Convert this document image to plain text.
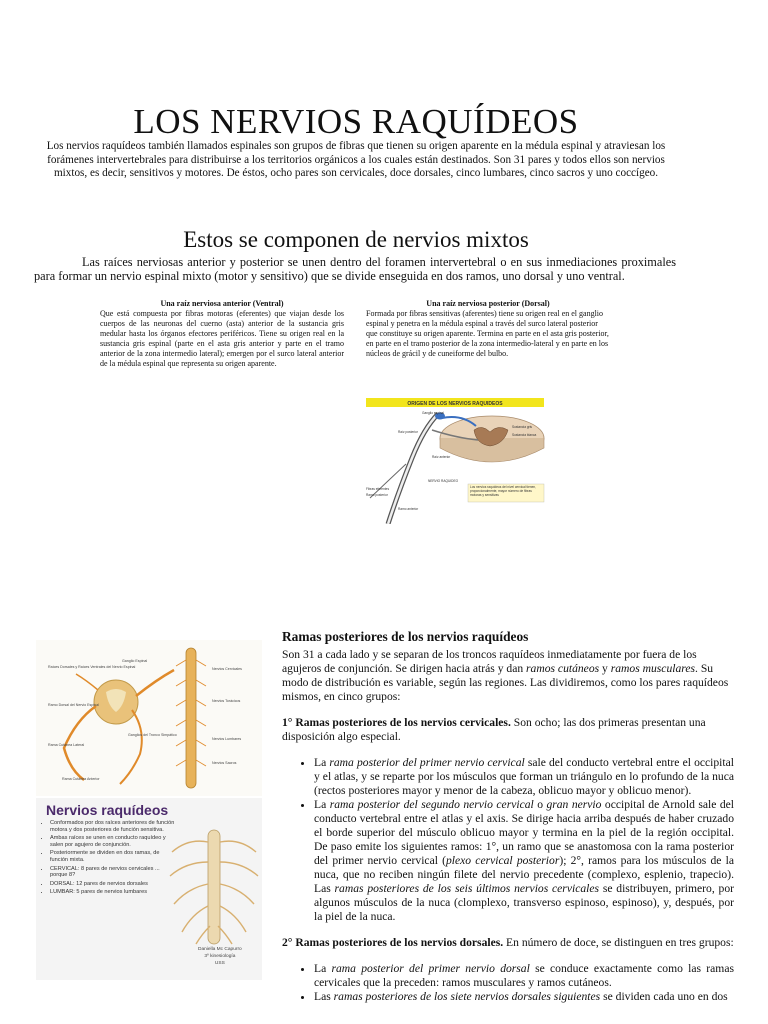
LOS NERVIOS RAQUÍDEOS
Los nervios raquídeos también llamados espinales son grupos de fibras que tienen su origen aparente en la médula espinal y atraviesan los forámenes intervertebrales para distribuirse a los territorios orgánicos a los cuales están destinados. Son 31 pares y todos ellos son nervios mixtos, es decir, sensitivos y motores. De éstos, ocho pares son cervicales, doce dorsales, cinco lumbares, cinco sacros y uno coccígeo.
Estos se componen de nervios mixtos
Las raíces nerviosas anterior y posterior se unen dentro del foramen intervertebral o en sus inmediaciones proximales para formar un nervio espinal mixto (motor y sensitivo) que se divide enseguida en dos ramos, uno dorsal y uno ventral.
Una raíz nerviosa anterior (Ventral)
Que está compuesta por fibras motoras (eferentes) que viajan desde los cuerpos de las neuronas del cuerno (asta) anterior de la sustancia gris medular hasta los órganos efectores periféricos. Tiene su origen real en la sustancia gris espinal (parte en el asta gris anterior y parte en el tramo anterior de la zona intermedio lateral); emergen por el surco lateral anterior de la médula espinal que representa su origen aparente.
Una raíz nerviosa posterior (Dorsal)
Formada por fibras sensitivas (aferentes) tiene su origen real en el ganglio espinal y penetra en la médula espinal a través del surco lateral posterior que constituye su origen aparente. Termina en parte en el asta gris posterior, en parte en el tramo posterior de la zona intermedio-lateral y en parte en los núcleos de grácil y de cuneiforme del bulbo.
ORIGEN DE LOS NERVIOS RAQUIDEOS
Ganglio espinal
Raíz posterior
Sustancia gris
Raíz anterior
Sustancia blanca
NERVIO RAQUIDEO
Fibras eferentes
Ramo posterior
Ramo anterior
Los nervios raquídeos del nivel cervical tienen, proporcionalmente, mayor número de fibras motoras y sensitivas
Ganglio Espinal
Raíces Dorsales y Raíces Ventrales del Nervio Espinal
Ramo Dorsal del Nervio Espinal
Rama Cutánea Lateral
Rama Cutánea Anterior
Ganglios del Tronco Simpático
Nervios Cervicales
Nervios Torácicos
Nervios Lumbares
Nervios Sacros
Nervios raquídeos
• Conformados por dos raíces anteriores de función motora y dos posteriores de función sensitiva.
• Ambas raíces se unen en conducto raquídeo y salen por agujero de conjunción.
• Posteriormente se dividen en dos ramas, de función mixta.
• CERVICAL: 8 pares de nervios cervicales ... porque 8?
• DORSAL: 12 pares de nervios dorsales
• LUMBAR: 5 pares de nervios lumbares
Daniella Mc Capurro
3º kinesiología
USS
Ramas posteriores de los nervios raquídeos

Son 31 a cada lado y se separan de los troncos raquídeos inmediatamente por fuera de los agujeros de conjunción. Se dirigen hacia atrás y dan ramos cutáneos y ramos musculares. Su modo de distribución es variable, según las regiones. Las dividiremos, como los pares raquídeos mismos, en cinco grupos:

1° Ramas posteriores de los nervios cervicales. Son ocho; las dos primeras presentan una disposición algo especial.

• La rama posterior del primer nervio cervical sale del conducto vertebral entre el occipital y el atlas, y se reparte por los músculos que forman un triángulo en lo profundo de la nuca (rectos posteriores mayor y menor de la cabeza, oblicuo mayor y oblicuo menor).
• La rama posterior del segundo nervio cervical o gran nervio occipital de Arnold sale del conducto vertebral entre el atlas y el axis. Se dirige hacia arriba después de haber cruzado el borde superior del músculo oblicuo mayor y termina en la piel de la región occipital. De paso emite los siguientes ramos: 1°, un ramo que se anastomosa con la rama posterior del primer nervio cervical (plexo cervical posterior); 2°, ramos para los músculos de la nuca, que no reciben ningún filete del nervio precedente (complexo, esplenio, trapecio). Las ramas posteriores de los seis últimos nervios cervicales se distribuyen, primero, por algunos músculos de la nuca (clomplexo, transverso espinoso, espinoso), y, después, por la piel de la nuca.

2° Ramas posteriores de los nervios dorsales. En número de doce, se distinguen en tres grupos:

• La rama posterior del primer nervio dorsal se conduce exactamente como las ramas cervicales que la preceden: ramos musculares y ramos cutáneos.
• Las ramas posteriores de los siete nervios dorsales siguientes se dividen cada uno en dos
